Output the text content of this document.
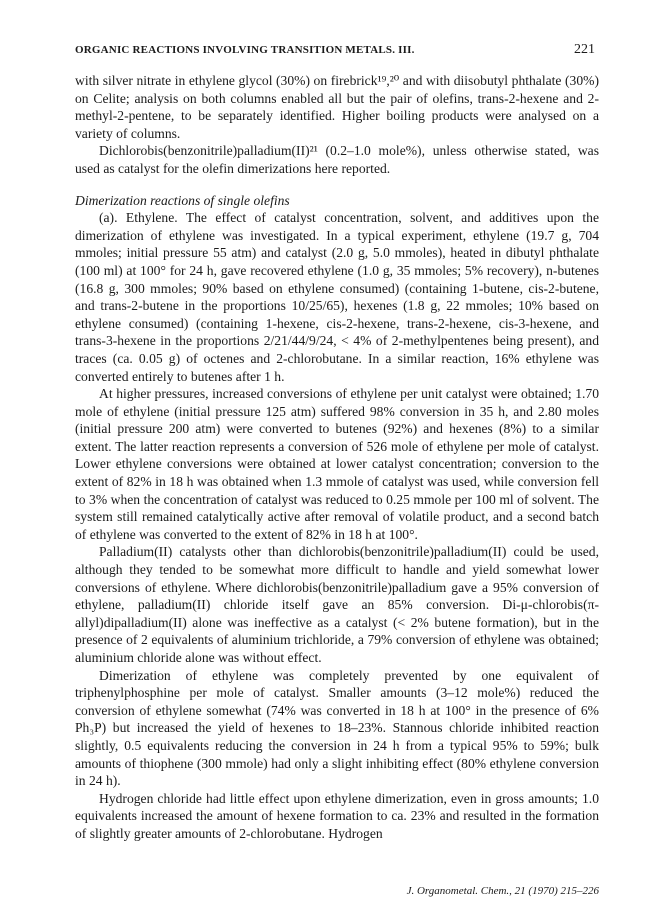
ORGANIC REACTIONS INVOLVING TRANSITION METALS. III.	221

with silver nitrate in ethylene glycol (30%) on firebrick¹⁹,²⁰ and with diisobutyl phthalate (30%) on Celite; analysis on both columns enabled all but the pair of olefins, trans-2-hexene and 2-methyl-2-pentene, to be separately identified. Higher boiling products were analysed on a variety of columns.

Dichlorobis(benzonitrile)palladium(II)²¹ (0.2–1.0 mole%), unless otherwise stated, was used as catalyst for the olefin dimerizations here reported.

Dimerization reactions of single olefins

(a). Ethylene. The effect of catalyst concentration, solvent, and additives upon the dimerization of ethylene was investigated. In a typical experiment, ethylene (19.7 g, 704 mmoles; initial pressure 55 atm) and catalyst (2.0 g, 5.0 mmoles), heated in dibutyl phthalate (100 ml) at 100° for 24 h, gave recovered ethylene (1.0 g, 35 mmoles; 5% recovery), n-butenes (16.8 g, 300 mmoles; 90% based on ethylene consumed) (containing 1-butene, cis-2-butene, and trans-2-butene in the proportions 10/25/65), hexenes (1.8 g, 22 mmoles; 10% based on ethylene consumed) (containing 1-hexene, cis-2-hexene, trans-2-hexene, cis-3-hexene, and trans-3-hexene in the proportions 2/21/44/9/24, < 4% of 2-methylpentenes being present), and traces (ca. 0.05 g) of octenes and 2-chlorobutane. In a similar reaction, 16% ethylene was converted entirely to butenes after 1 h.

At higher pressures, increased conversions of ethylene per unit catalyst were obtained; 1.70 mole of ethylene (initial pressure 125 atm) suffered 98% conversion in 35 h, and 2.80 moles (initial pressure 200 atm) were converted to butenes (92%) and hexenes (8%) to a similar extent. The latter reaction represents a conversion of 526 mole of ethylene per mole of catalyst. Lower ethylene conversions were obtained at lower catalyst concentration; conversion to the extent of 82% in 18 h was obtained when 1.3 mmole of catalyst was used, while conversion fell to 3% when the concentration of catalyst was reduced to 0.25 mmole per 100 ml of solvent. The system still remained catalytically active after removal of volatile product, and a second batch of ethylene was converted to the extent of 82% in 18 h at 100°.

Palladium(II) catalysts other than dichlorobis(benzonitrile)palladium(II) could be used, although they tended to be somewhat more difficult to handle and yield somewhat lower conversions of ethylene. Where dichlorobis(benzonitrile)palladium gave a 95% conversion of ethylene, palladium(II) chloride itself gave an 85% conversion. Di-μ-chlorobis(π-allyl)dipalladium(II) alone was ineffective as a catalyst (< 2% butene formation), but in the presence of 2 equivalents of aluminium trichloride, a 79% conversion of ethylene was obtained; aluminium chloride alone was without effect.

Dimerization of ethylene was completely prevented by one equivalent of triphenylphosphine per mole of catalyst. Smaller amounts (3–12 mole%) reduced the conversion of ethylene somewhat (74% was converted in 18 h at 100° in the presence of 6% Ph₃P) but increased the yield of hexenes to 18–23%. Stannous chloride inhibited reaction slightly, 0.5 equivalents reducing the conversion in 24 h from a typical 95% to 59%; bulk amounts of thiophene (300 mmole) had only a slight inhibiting effect (80% ethylene conversion in 24 h).

Hydrogen chloride had little effect upon ethylene dimerization, even in gross amounts; 1.0 equivalents increased the amount of hexene formation to ca. 23% and resulted in the formation of slightly greater amounts of 2-chlorobutane. Hydrogen

J. Organometal. Chem., 21 (1970) 215–226
